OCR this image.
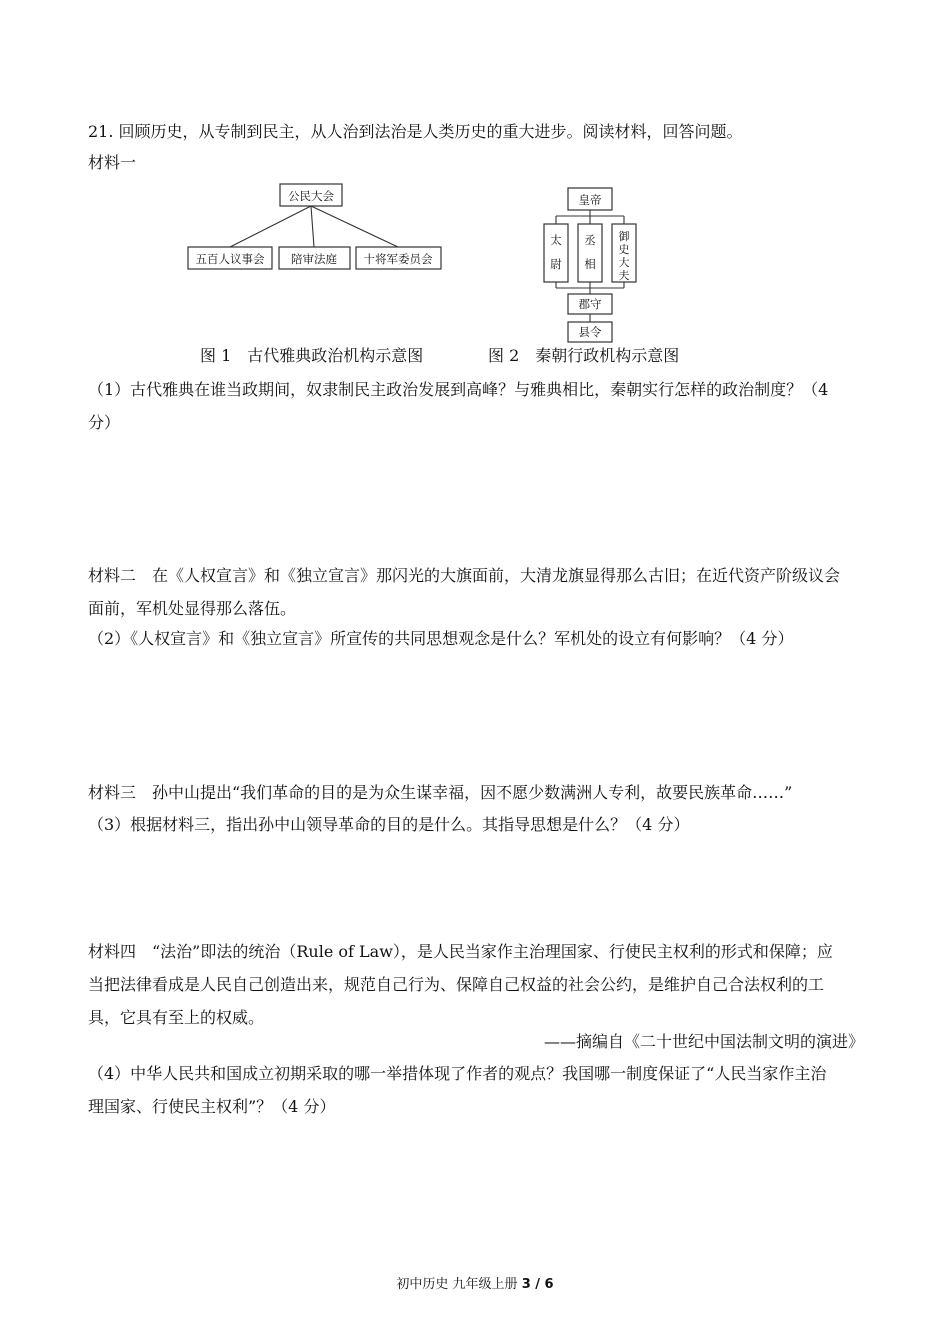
21. 回顾历史，从专制到民主，从人治到法治是人类历史的重大进步。阅读材料，回答问题。
材料一
公民大会
五百人议事会 陪审法庭 十将军委员会
皇帝
太尉
丞相
御史大夫
郡守
县令
图 1　古代雅典政治机构示意图	图 2　秦朝行政机构示意图
（1）古代雅典在谁当政期间，奴隶制民主政治发展到高峰？与雅典相比，秦朝实行怎样的政治制度？（4
分）
材料二　在《人权宣言》和《独立宣言》那闪光的大旗面前，大清龙旗显得那么古旧；在近代资产阶级议会
面前，军机处显得那么落伍。
（2）《人权宣言》和《独立宣言》所宣传的共同思想观念是什么？军机处的设立有何影响？（4 分）
材料三　孙中山提出“我们革命的目的是为众生谋幸福，因不愿少数满洲人专利，故要民族革命……”
（3）根据材料三，指出孙中山领导革命的目的是什么。其指导思想是什么？（4 分）
材料四　“法治”即法的统治（Rule of Law），是人民当家作主治理国家、行使民主权利的形式和保障；应
当把法律看成是人民自己创造出来，规范自己行为、保障自己权益的社会公约，是维护自己合法权利的工
具，它具有至上的权威。
——摘编自《二十世纪中国法制文明的演进》
（4）中华人民共和国成立初期采取的哪一举措体现了作者的观点？我国哪一制度保证了“人民当家作主治
理国家、行使民主权利”？（4 分）
初中历史 九年级上册 3 / 6
